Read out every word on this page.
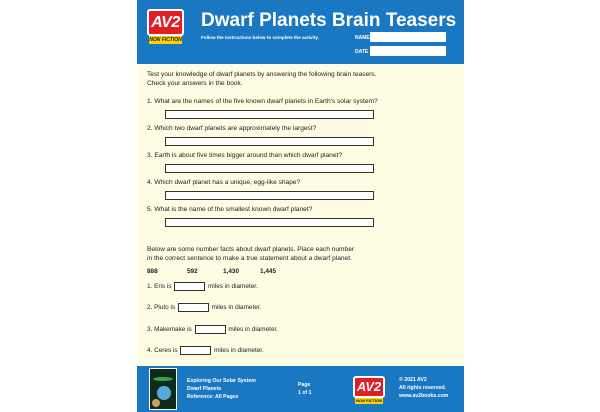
AV2
NON FICTION
Dwarf Planets Brain Teasers
Follow the instructions below to complete the activity.	NAME
DATE
Test your knowledge of dwarf planets by answering the following brain teasers.
Check your answers in the book.
1. What are the names of the five known dwarf planets in Earth's solar system?
2. Which two dwarf planets are approximately the largest?
3. Earth is about five times bigger around than which dwarf planet?
4. Which dwarf planet has a unique, egg-like shape?
5. What is the name of the smallest known dwarf planet?
Below are some number facts about dwarf planets. Place each number
in the correct sentence to make a true statement about a dwarf planet.
888	592	1,430	1,445
1. Eris is	miles in diameter.
2. Pluto is	miles in diameter.
3. Makemake is	miles in diameter.
4. Ceres is	miles in diameter.
Exploring Our Solar System
Dwarf Planets
Reference: All Pages
Page
1 of 1	AV2
NON FICTION
© 2021 AV2
All rights reserved.
www.av2books.com
